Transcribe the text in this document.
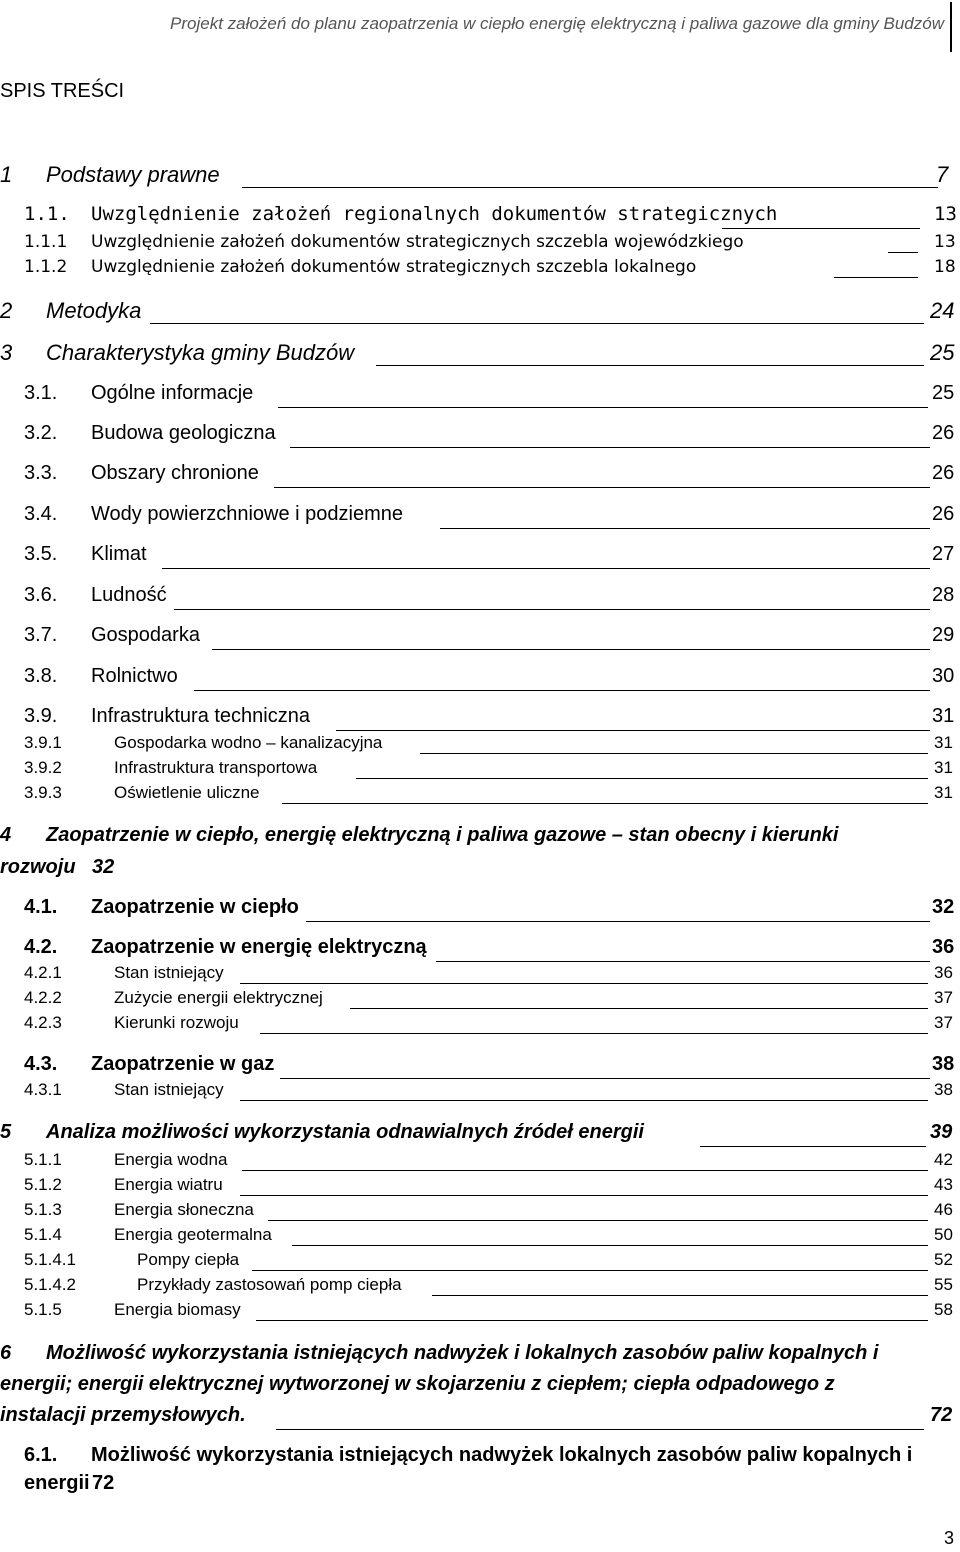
Projekt założeń do planu zaopatrzenia w ciepło energię elektryczną i paliwa gazowe dla gminy Budzów
SPIS TREŚCI
1 Podstawy prawne	7
1.1. Uwzględnienie założeń regionalnych dokumentów strategicznych	13
1.1.1 Uwzględnienie założeń dokumentów strategicznych szczebla wojewódzkiego	13
1.1.2 Uwzględnienie założeń dokumentów strategicznych szczebla lokalnego	18
2 Metodyka	24
3 Charakterystyka gminy Budzów	25
3.1. Ogólne informacje	25
3.2. Budowa geologiczna	26
3.3. Obszary chronione	26
3.4. Wody powierzchniowe i podziemne	26
3.5. Klimat	27
3.6. Ludność	28
3.7. Gospodarka	29
3.8. Rolnictwo	30
3.9. Infrastruktura techniczna	31
3.9.1	Gospodarka wodno – kanalizacyjna	31
3.9.2	Infrastruktura transportowa	31
3.9.3	Oświetlenie uliczne	31
4 Zaopatrzenie w ciepło, energię elektryczną i paliwa gazowe – stan obecny i kierunki
rozwoju 32
4.1. Zaopatrzenie w ciepło	32
4.2. Zaopatrzenie w energię elektryczną	36
4.2.1	Stan istniejący	36
4.2.2	Zużycie energii elektrycznej	37
4.2.3	Kierunki rozwoju	37
4.3. Zaopatrzenie w gaz	38
4.3.1	Stan istniejący	38
5 Analiza możliwości wykorzystania odnawialnych źródeł energii	39
5.1.1	Energia wodna	42
5.1.2	Energia wiatru	43
5.1.3	Energia słoneczna	46
5.1.4	Energia geotermalna	50
5.1.4.1	Pompy ciepła	52
5.1.4.2	Przykłady zastosowań pomp ciepła	55
5.1.5	Energia biomasy	58
6 Możliwość wykorzystania istniejących nadwyżek i lokalnych zasobów paliw kopalnych i
energii; energii elektrycznej wytworzonej w skojarzeniu z ciepłem; ciepła odpadowego z
instalacji przemysłowych.	72
6.1. Możliwość wykorzystania istniejących nadwyżek lokalnych zasobów paliw kopalnych i
energii 72
3
